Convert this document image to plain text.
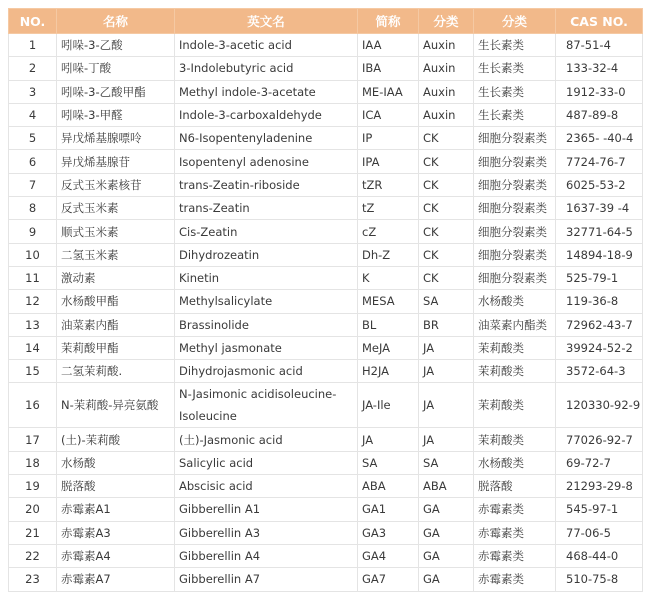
NO.	名称	英文名	简称	分类	分类	CAS NO.
1	吲哚-3-乙酸	Indole-3-acetic acid	IAA	Auxin	生长素类	87-51-4
2	吲哚-丁酸	3-Indolebutyric acid	IBA	Auxin	生长素类	133-32-4
3	吲哚-3-乙酸甲酯	Methyl indole-3-acetate	ME-IAA	Auxin	生长素类	1912-33-0
4	吲哚-3-甲醛	Indole-3-carboxaldehyde	ICA	Auxin	生长素类	487-89-8
5	异戊烯基腺嘌呤	N6-Isopentenyladenine	IP	CK	细胞分裂素类	2365- -40-4
6	异戊烯基腺苷	Isopentenyl adenosine	IPA	CK	细胞分裂素类	7724-76-7
7	反式玉米素核苷	trans-Zeatin-riboside	tZR	CK	细胞分裂素类	6025-53-2
8	反式玉米素	trans-Zeatin	tZ	CK	细胞分裂素类	1637-39 -4
9	顺式玉米素	Cis-Zeatin	cZ	CK	细胞分裂素类	32771-64-5
10	二氢玉米素	Dihydrozeatin	Dh-Z	CK	细胞分裂素类	14894-18-9
11	激动素	Kinetin	K	CK	细胞分裂素类	525-79-1
12	水杨酸甲酯	Methylsalicylate	MESA	SA	水杨酸类	119-36-8
13	油菜素内酯	Brassinolide	BL	BR	油菜素内酯类	72962-43-7
14	茉莉酸甲酯	Methyl jasmonate	MeJA	JA	茉莉酸类	39924-52-2
15	二氢茉莉酸.	Dihydrojasmonic acid	H2JA	JA	茉莉酸类	3572-64-3
16	N-茉莉酸-异亮氨酸	N-Jasimonic acidisoleucine-Isoleucine	JA-Ile	JA	茉莉酸类	120330-92-9
17	(土)-茉莉酸	(土)-Jasmonic acid	JA	JA	茉莉酸类	77026-92-7
18	水杨酸	Salicylic acid	SA	SA	水杨酸类	69-72-7
19	脱落酸	Abscisic acid	ABA	ABA	脱落酸	21293-29-8
20	赤霉素A1	Gibberellin A1	GA1	GA	赤霉素类	545-97-1
21	赤霉素A3	Gibberellin A3	GA3	GA	赤霉素类	77-06-5
22	赤霉素A4	Gibberellin A4	GA4	GA	赤霉素类	468-44-0
23	赤霉素A7	Gibberellin A7	GA7	GA	赤霉素类	510-75-8
